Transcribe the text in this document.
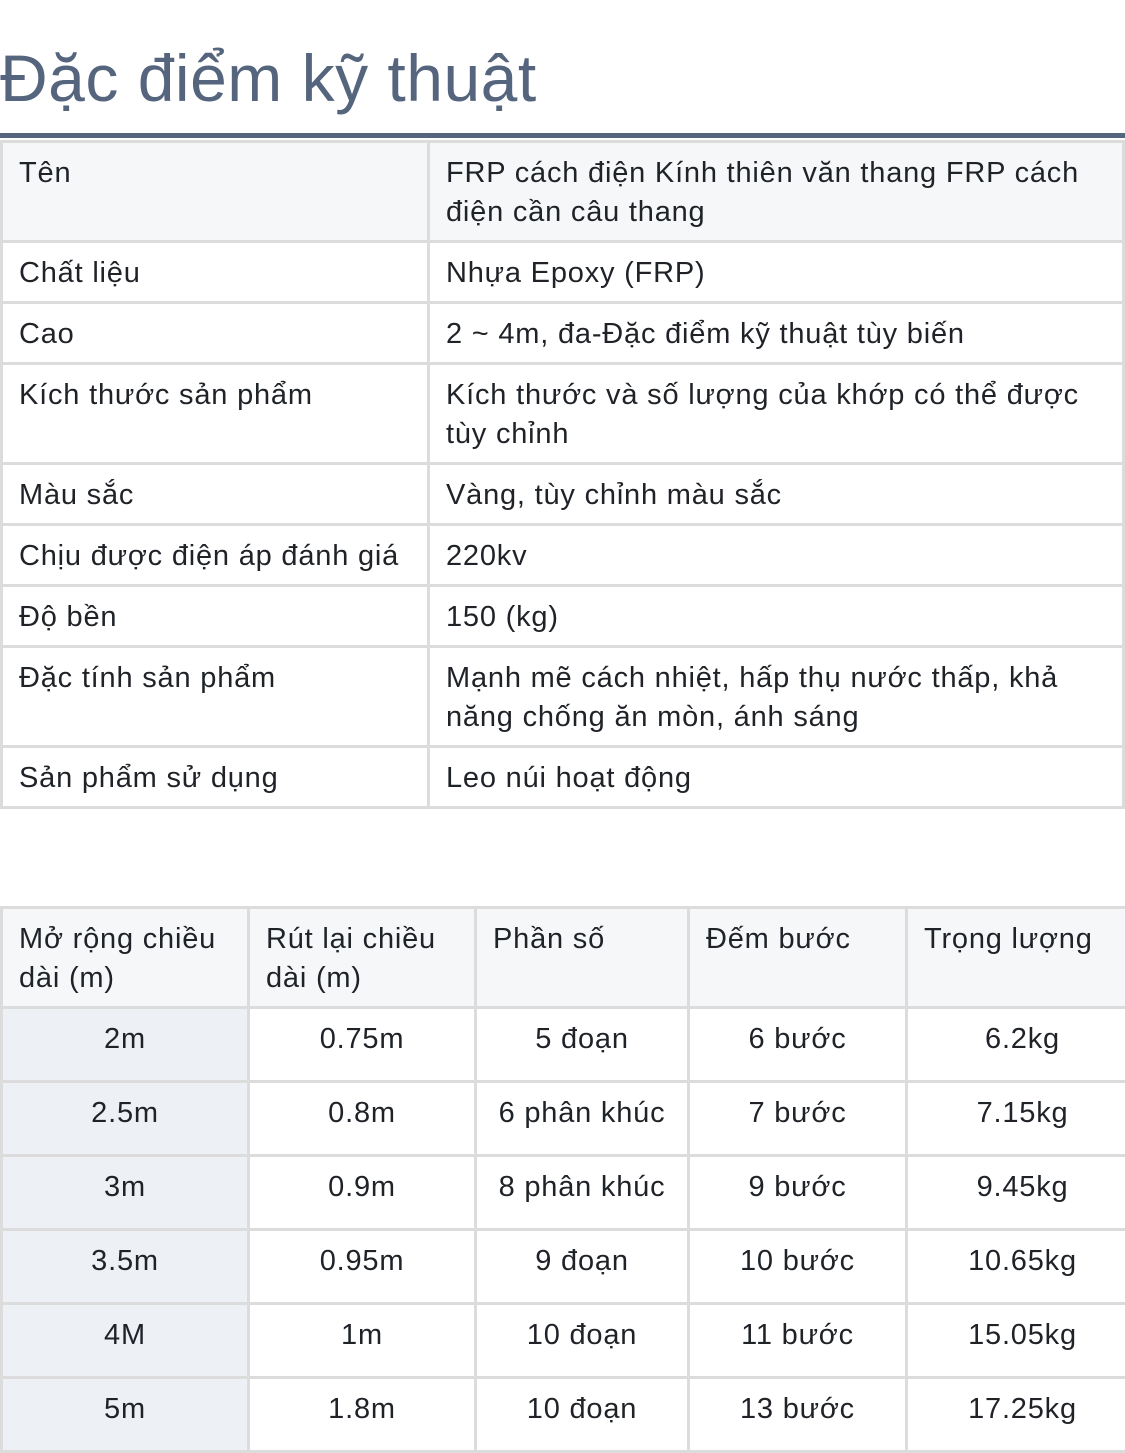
Đặc điểm kỹ thuật
Tên	FRP cách điện Kính thiên văn thang FRP cách điện cần câu thang
Chất liệu	Nhựa Epoxy (FRP)
Cao	2 ~ 4m, đa-Đặc điểm kỹ thuật tùy biến
Kích thước sản phẩm	Kích thước và số lượng của khớp có thể được tùy chỉnh
Màu sắc	Vàng, tùy chỉnh màu sắc
Chịu được điện áp đánh giá	220kv
Độ bền	150 (kg)
Đặc tính sản phẩm	Mạnh mẽ cách nhiệt, hấp thụ nước thấp, khả năng chống ăn mòn, ánh sáng
Sản phẩm sử dụng	Leo núi hoạt động
Mở rộng chiều dài (m)	Rút lại chiều dài (m)	Phần số	Đếm bước	Trọng lượng
2m	0.75m	5 đoạn	6 bước	6.2kg
2.5m	0.8m	6 phân khúc	7 bước	7.15kg
3m	0.9m	8 phân khúc	9 bước	9.45kg
3.5m	0.95m	9 đoạn	10 bước	10.65kg
4M	1m	10 đoạn	11 bước	15.05kg
5m	1.8m	10 đoạn	13 bước	17.25kg
